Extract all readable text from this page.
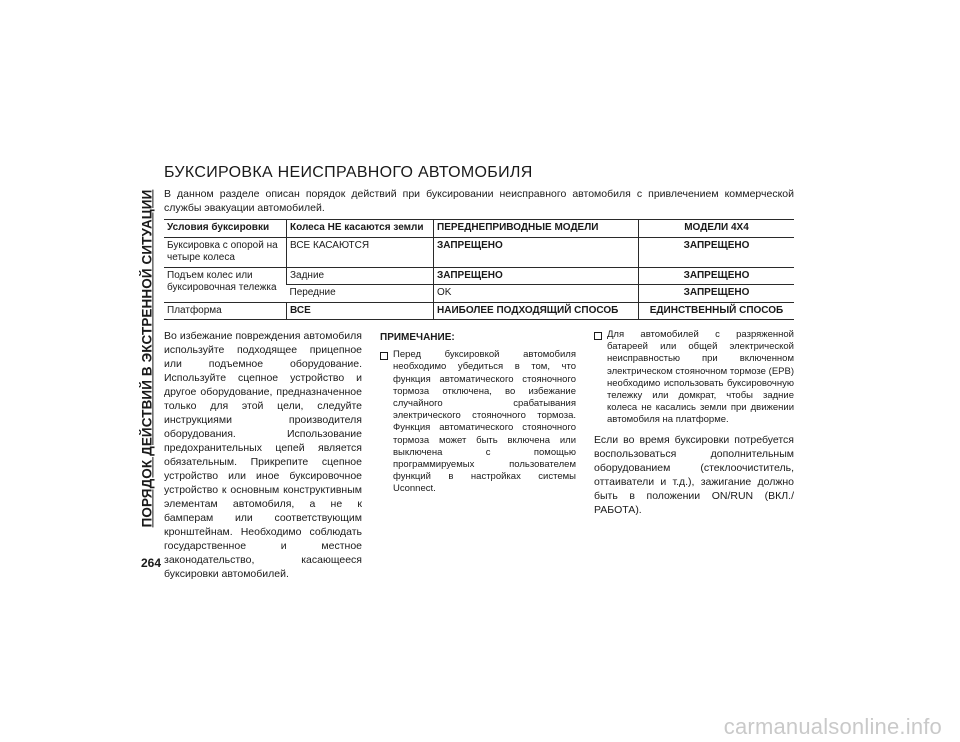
ПОРЯДОК ДЕЙСТВИЙ В ЭКСТРЕННОЙ СИТУАЦИИ
264
БУКСИРОВКА НЕИСПРАВНОГО АВТОМОБИЛЯ

В данном разделе описан порядок действий при буксировании неисправного автомобиля с привлечением коммерческой службы эвакуации автомобилей.

Условия буксировки	Колеса НЕ касаются земли	ПЕРЕДНЕПРИВОДНЫЕ МОДЕЛИ	МОДЕЛИ 4X4
Буксировка с опорой на четыре колеса	ВСЕ КАСАЮТСЯ	ЗАПРЕЩЕНО	ЗАПРЕЩЕНО
Подъем колес или буксировочная тележка	Задние	ЗАПРЕЩЕНО	ЗАПРЕЩЕНО
	Передние	OK	ЗАПРЕЩЕНО
Платформа	ВСЕ	НАИБОЛЕЕ ПОДХОДЯЩИЙ СПОСОБ	ЕДИНСТВЕННЫЙ СПОСОБ
Во избежание повреждения автомобиля используйте подходящее прицепное или подъемное оборудование. Используйте сцепное устройство и другое оборудование, предназначенное только для этой цели, следуйте инструкциями производителя оборудования. Использование предохранительных цепей является обязательным. Прикрепите сцепное устройство или иное буксировочное устройство к основным конструктивным элементам автомобиля, а не к бамперам или соответствующим кронштейнам. Необходимо соблюдать государственное и местное законодательство, касающееся буксировки автомобилей.
ПРИМЕЧАНИЕ:
Перед буксировкой автомобиля необходимо убедиться в том, что функция автоматического стояночного тормоза отключена, во избежание случайного срабатывания электрического стояночного тормоза. Функция автоматического стояночного тормоза может быть включена или выключена с помощью программируемых пользователем функций в настройках системы Uconnect.
Для автомобилей с разряженной батареей или общей электрической неисправностью при включенном электрическом стояночном тормозе (EPB) необходимо использовать буксировочную тележку или домкрат, чтобы задние колеса не касались земли при движении автомобиля на платформе.
Если во время буксировки потребуется воспользоваться дополнительным оборудованием (стеклоочиститель, оттаиватели и т.д.), зажигание должно быть в положении ON/RUN (ВКЛ./РАБОТА).
carmanualsonline.info
